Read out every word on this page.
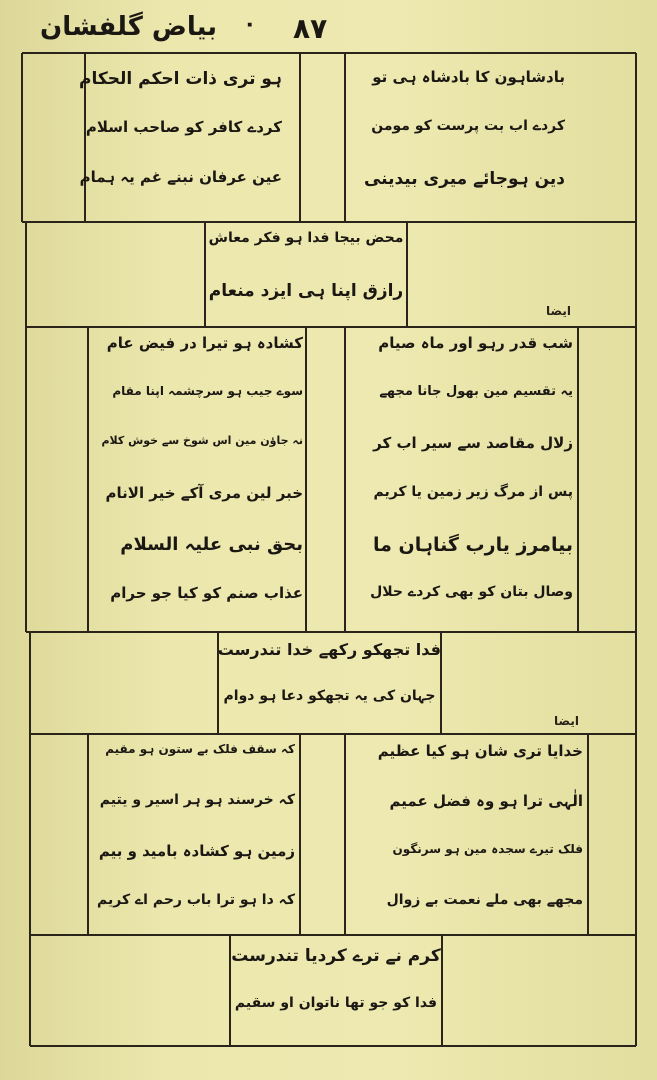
بیاض گلفشان ٠ ٨٧
بادشاہون کا بادشاہ ہی تو
کردے اب بت پرست کو مومن
دین ہوجائے میری بیدینی
ہو تری ذات احکم الحکام
کردے کافر کو صاحب اسلام
عین عرفان نبنے غم یہ ہمام
محض بیجا فدا ہو فکر معاش
رازق اپنا ہی ایزد منعام
ایضا
شب قدر رہو اور ماہ صیام
یہ تقسیم مین بھول جانا مجھے
زلال مقاصد سے سیر اب کر
پس از مرگ زیر زمین یا کریم
بیامرز یارب گناہان ما
وصال بتان کو بھی کردے حلال
کشادہ ہو تیرا در فیض عام
سوے جیب ہو سرچشمہ اپنا مقام
نہ جاؤن مین اس شوخ سے خوش کلام
خبر لین مری آکے خیر الانام
بحق نبی علیہ السلام
عذاب صنم کو کیا جو حرام
فدا تجھکو رکھے خدا تندرست
جہان کی یہ تجھکو دعا ہو دوام
ایضا
خدایا تری شان ہو کیا عظیم
الٰہی ترا ہو وہ فضل عمیم
فلک تیرے سجدہ مین ہو سرنگون
مجھے بھی ملے نعمت بے زوال
کہ سقف فلک بے ستون ہو مقیم
کہ خرسند ہو ہر اسیر و یتیم
زمین ہو کشادہ بامید و بیم
کہ دا ہو ترا باب رحم اے کریم
کرم نے ترے کردیا تندرست
فدا کو جو تھا ناتوان او سقیم
